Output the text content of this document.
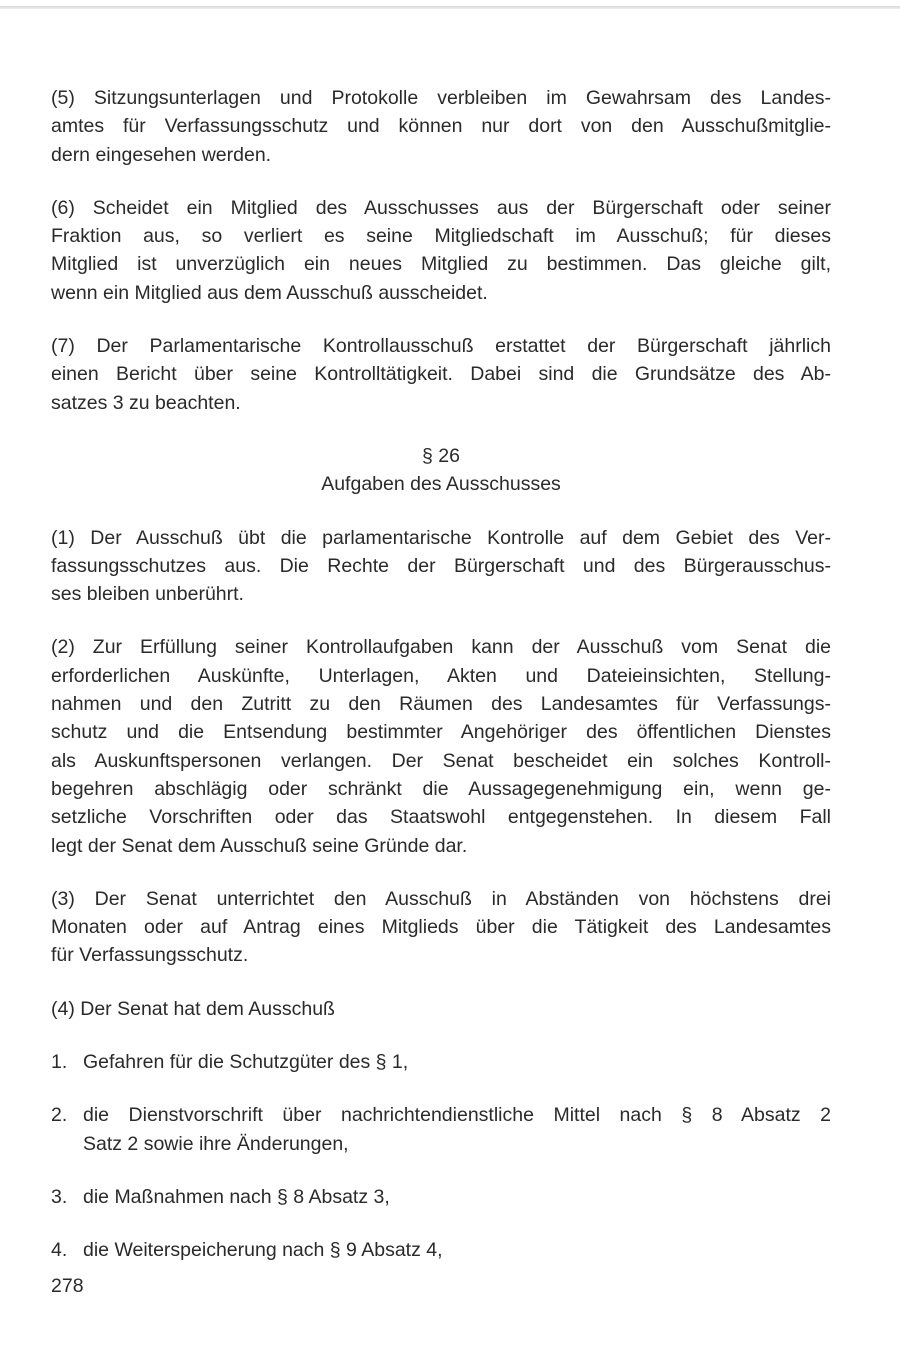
(5) Sitzungsunterlagen und Protokolle verbleiben im Gewahrsam des Landes-
amtes für Verfassungsschutz und können nur dort von den Ausschußmitglie-
dern eingesehen werden.
(6) Scheidet ein Mitglied des Ausschusses aus der Bürgerschaft oder seiner
Fraktion aus, so verliert es seine Mitgliedschaft im Ausschuß; für dieses
Mitglied ist unverzüglich ein neues Mitglied zu bestimmen. Das gleiche gilt,
wenn ein Mitglied aus dem Ausschuß ausscheidet.
(7) Der Parlamentarische Kontrollausschuß erstattet der Bürgerschaft jährlich
einen Bericht über seine Kontrolltätigkeit. Dabei sind die Grundsätze des Ab-
satzes 3 zu beachten.
§ 26
Aufgaben des Ausschusses
(1) Der Ausschuß übt die parlamentarische Kontrolle auf dem Gebiet des Ver-
fassungsschutzes aus. Die Rechte der Bürgerschaft und des Bürgerausschus-
ses bleiben unberührt.
(2) Zur Erfüllung seiner Kontrollaufgaben kann der Ausschuß vom Senat die
erforderlichen Auskünfte, Unterlagen, Akten und Dateieinsichten, Stellung-
nahmen und den Zutritt zu den Räumen des Landesamtes für Verfassungs-
schutz und die Entsendung bestimmter Angehöriger des öffentlichen Dienstes
als Auskunftspersonen verlangen. Der Senat bescheidet ein solches Kontroll-
begehren abschlägig oder schränkt die Aussagegenehmigung ein, wenn ge-
setzliche Vorschriften oder das Staatswohl entgegenstehen. In diesem Fall
legt der Senat dem Ausschuß seine Gründe dar.
(3) Der Senat unterrichtet den Ausschuß in Abständen von höchstens drei
Monaten oder auf Antrag eines Mitglieds über die Tätigkeit des Landesamtes
für Verfassungsschutz.
(4) Der Senat hat dem Ausschuß
1. Gefahren für die Schutzgüter des § 1,
2. die Dienstvorschrift über nachrichtendienstliche Mittel nach § 8 Absatz 2
Satz 2 sowie ihre Änderungen,
3. die Maßnahmen nach § 8 Absatz 3,
4. die Weiterspeicherung nach § 9 Absatz 4,
278
